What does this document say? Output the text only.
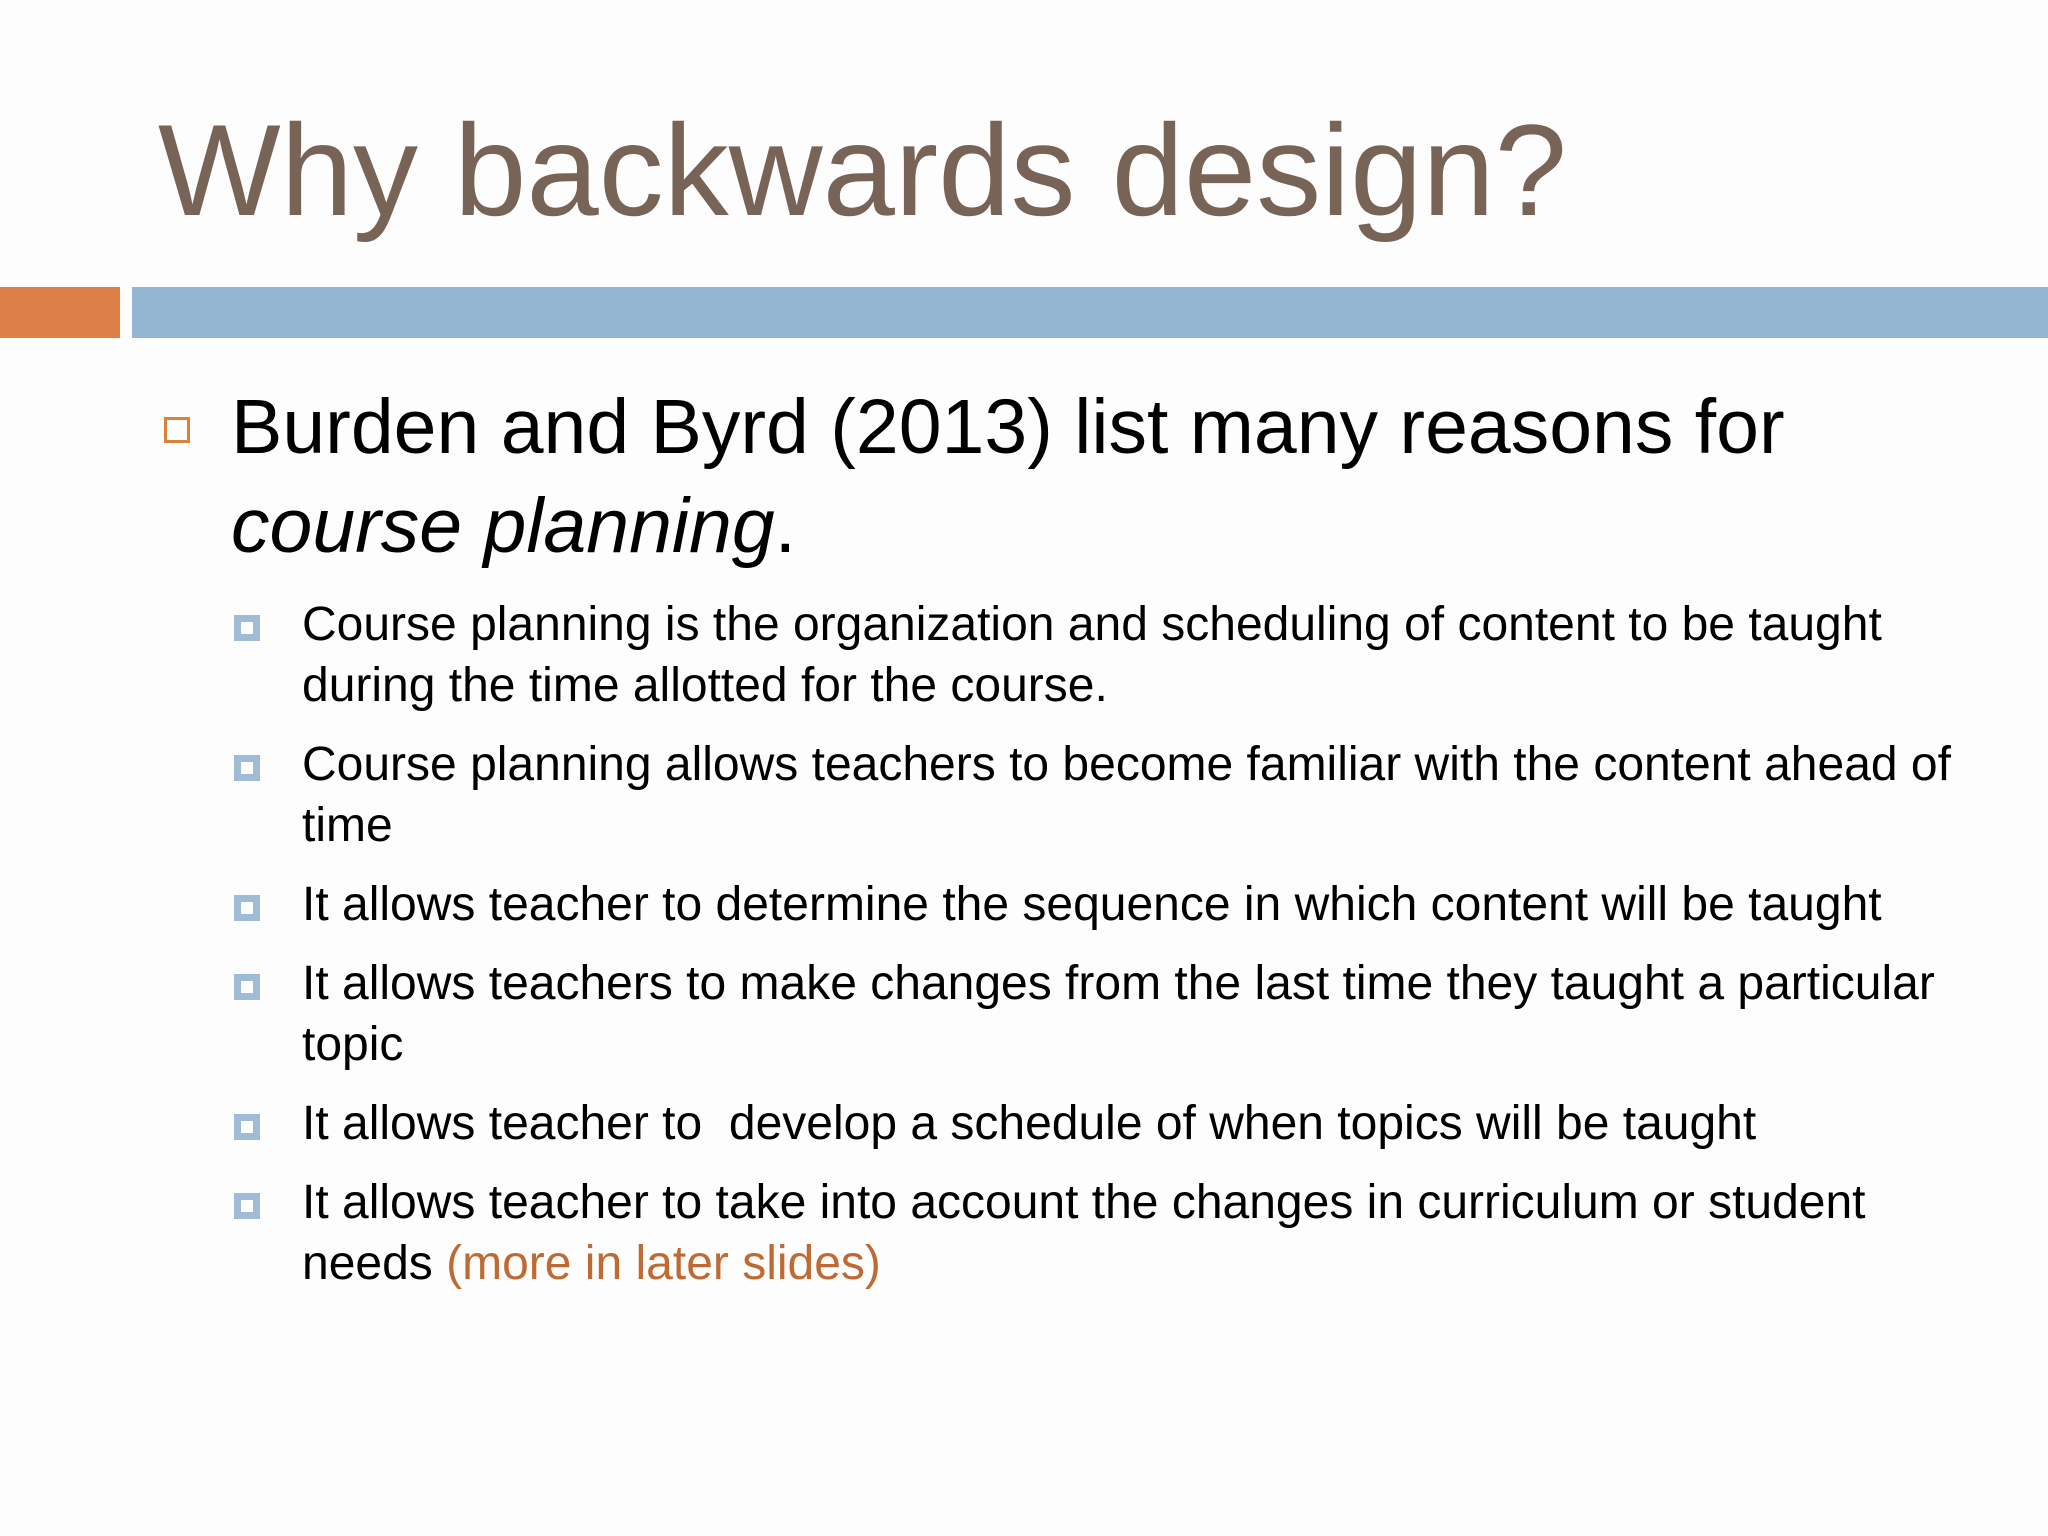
Why backwards design?
Burden and Byrd (2013) list many reasons for course planning.
Course planning is the organization and scheduling of content to be taught during the time allotted for the course.
Course planning allows teachers to become familiar with the content ahead of time
It allows teacher to determine the sequence in which content will be taught
It allows teachers to make changes from the last time they taught a particular topic
It allows teacher to  develop a schedule of when topics will be taught
It allows teacher to take into account the changes in curriculum or student needs (more in later slides)
